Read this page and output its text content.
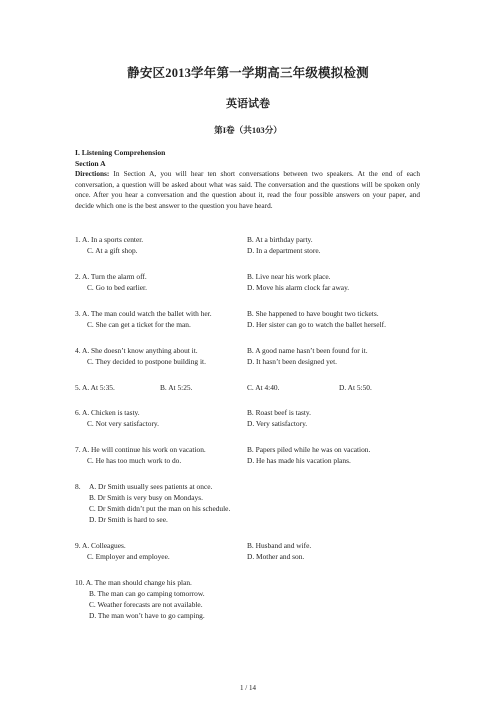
静安区2013学年第一学期高三年级模拟检测
英语试卷
第I卷（共103分）
I. Listening Comprehension
Section A
Directions: In Section A, you will hear ten short conversations between two speakers. At the end of each conversation, a question will be asked about what was said. The conversation and the questions will be spoken only once. After you hear a conversation and the question about it, read the four possible answers on your paper, and decide which one is the best answer to the question you have heard.
1. A. In a sports center.	B. At a birthday party.
C. At a gift shop.	D. In a department store.
2. A. Turn the alarm off.	B. Live near his work place.
C. Go to bed earlier.	D. Move his alarm clock far away.
3. A. The man could watch the ballet with her.	B. She happened to have bought two tickets.
C. She can get a ticket for the man.	D. Her sister can go to watch the ballet herself.
4. A. She doesn’t know anything about it.	B. A good name hasn’t been found for it.
C. They decided to postpone building it.	D. It hasn’t been designed yet.
5. A. At 5:35.	B. At 5:25.	C. At 4:40.	D. At 5:50.
6. A. Chicken is tasty.	B. Roast beef is tasty.
C. Not very satisfactory.	D. Very satisfactory.
7. A. He will continue his work on vacation.	B. Papers piled while he was on vacation.
C. He has too much work to do.	D. He has made his vacation plans.
8. A. Dr Smith usually sees patients at once.
B. Dr Smith is very busy on Mondays.
C. Dr Smith didn’t put the man on his schedule.
D. Dr Smith is hard to see.
9. A. Colleagues.	B. Husband and wife.
C. Employer and employee.	D. Mother and son.
10. A. The man should change his plan.
B. The man can go camping tomorrow.
C. Weather forecasts are not available.
D. The man won’t have to go camping.
1 / 14
